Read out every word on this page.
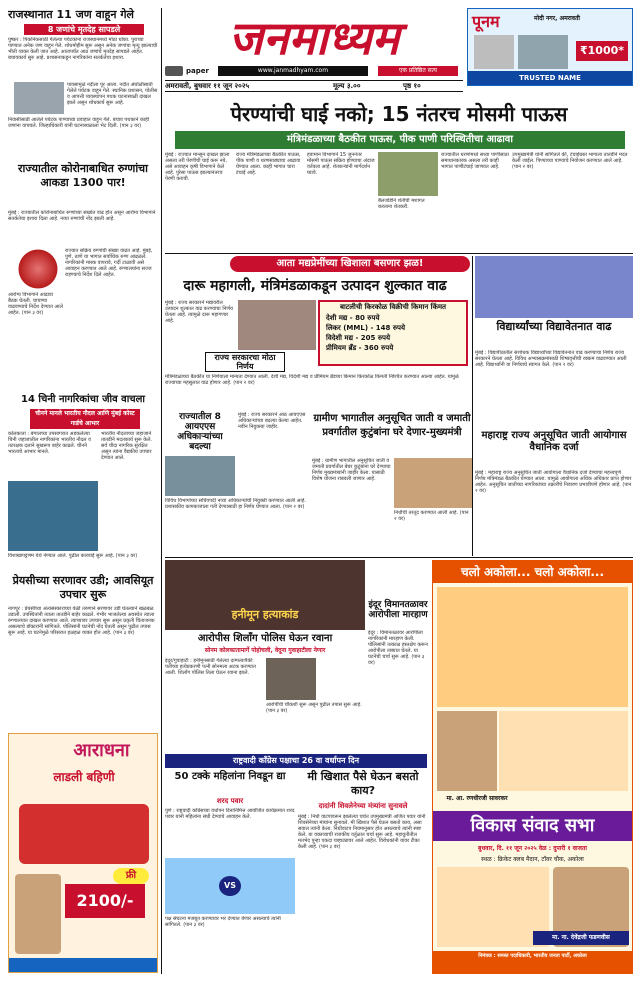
राजस्थानात 11 जण वाहून गेले
8 जणांचे मृतदेह सापडले
पुष्कर : पिकनिकसाठी गेलेल्या पर्यटकांना राजस्थानमध्ये मोठा धोका. पुराच्या पाण्यात अनेक जण वाहून गेले. शोधमोहीम सुरू असून अनेक जणांचा मृत्यू झाल्याची भीती व्यक्त केली जात आहे. आतापर्यंत आठ जणांचे मृतदेह सापडले आहेत. बचावकार्य सुरु आहे. प्रशासनाकडून नागरिकांना सतर्कतेचा इशारा.
पावसामुळे नदीला पूर आला. नदीत अंघोळीसाठी गेलेले पर्यटक वाहून गेले. स्थानिक प्रशासन, पोलीस व आपत्ती व्यवस्थापन पथक घटनास्थळी दाखल झाले असून शोधकार्य सुरू आहे.
निवासीसाठी आलेले पर्यटक पाण्याच्या प्रवाहात वाहून गेले. बचाव पथकाने काही जणांना वाचवले. जिल्हाधिकारी यांनी घटनास्थळाला भेट दिली. (पान ३ वर)
राज्यातील कोरोनाबाधित रुग्णांचा आकडा 1300 पार!
मुंबई : राज्यातील कोरोनाबाधित रुग्णांच्या संख्येत वाढ होत असून आरोग्य विभागाने सतर्कतेचा इशारा दिला आहे. नव्या रुग्णांची नोंद झाली आहे.
राज्यात सक्रिय रुग्णांची संख्या वाढत आहे. मुंबई, पुणे, ठाणे या भागात सर्वाधिक रुग्ण आढळले. नागरिकांनी मास्क वापरावे, गर्दी टाळावी असे आवाहन करण्यात आले आहे. रुग्णालयांना सज्ज राहण्याचे निर्देश दिले आहेत.
आरोग्य विभागाने आढावा बैठक घेतली. चाचण्या वाढवण्याचे निर्देश देण्यात आले आहेत. (पान ३ वर)
14 चिनी नागरिकांचा जीव वाचला
चीनने मानले भारतीय नौदल आणि मुंबई कोस्ट गार्डचे आभार
कोलकाता : बंगालच्या उपसागरात अडकलेल्या चिनी जहाजातील नागरिकांना भारतीय नौदल व तटरक्षक दलाने सुखरूप बाहेर काढले. चीनने भारताचे आभार मानले.
भारतीय नौदलाच्या जहाजाने तातडीने मदतकार्य सुरू केले. सर्व चौदा नागरिक सुरक्षित असून त्यांना वैद्यकीय उपचार देण्यात आले.
विशाखापट्टणम येथे नेण्यात आले. पुढील कारवाई सुरू आहे. (पान ३ वर)
प्रेयसीच्या सरणावर उडी; आवसियूत उपचार सुरू
नागपूर : प्रेयसीच्या अंत्यसंस्काराच्या वेळी तरुणाने सरणावर उडी घेतल्याने खळबळ उडाली. उपस्थितांनी त्याला तातडीने बाहेर काढले. गंभीर भाजलेल्या अवस्थेत त्याला रुग्णालयात दाखल करण्यात आले. त्याच्यावर उपचार सुरू असून प्रकृती चिंताजनक असल्याचे डॉक्टरांनी सांगितले. पोलिसांनी घटनेची नोंद घेतली असून पुढील तपास सुरू आहे. या घटनेमुळे परिसरात हळहळ व्यक्त होत आहे. (पान ३ वर)
आराधना
लाडली बहिणी
2100/-
फ्री
जनमाध्यम
paper	www.janmadhyam.com	एक प्रतिष्ठित सत्य
पूनम	मोदी नगर, अमरावती
₹1000*
TRUSTED NAME
अमरावती, बुधवार ११ जून २०२५	मूल्य ३.००	पृष्ठ १०
पेरण्यांची घाई नको; 15 नंतरच मोसमी पाऊस
मंत्रिमंडळाच्या बैठकीत पाऊस, पीक पाणी परिस्थितीचा आढावा
मुंबई : राज्यात मान्सून दाखल झाला असला तरी पेरणीची घाई करू नये, असे आवाहन कृषी विभागाने केले आहे. पुरेसा पाऊस झाल्यानंतरच पेरणी करावी.
राज्य मंत्रिमंडळाच्या बैठकीत पाऊस, पीक पाणी व धरणसाठ्याचा आढावा घेण्यात आला. काही भागात चारा टंचाई आहे.
हवामान विभागाने 15 जूननंतर मोसमी पाऊस सक्रिय होण्याचा अंदाज वर्तवला आहे. शेतकऱ्यांनी मार्गदर्शन घ्यावे.
बैलजोडीने शेतीची मशागत करताना शेतकरी.
राज्यातील धरणांमध्ये सध्या पाणीसाठा समाधानकारक असला तरी काही भागात पाणीटंचाई जाणवत आहे.
उपमुख्यमंत्री यांनी सांगितले की, टंचाईग्रस्त भागाला तातडीने मदत केली जाईल. पिण्याच्या पाण्याचे नियोजन करण्यात आले आहे. (पान २ वर)
आता मद्यप्रेमींच्या खिशाला बसणार झळ!
दारू महागली, मंत्रिमंडळाकडून उत्पादन शुल्कात वाढ
मुंबई : राज्य सरकारने मद्यावरील उत्पादन शुल्कात वाढ करण्याचा निर्णय घेतला आहे. त्यामुळे दारू महागणार आहे.
बाटलीची किरकोळ विक्रीची किमान किंमत
देशी मद्य - 80 रुपये
लिकर (MML) - 148 रुपये
विदेशी मद्य - 205 रुपये
प्रीमियम ब्रँड - 360 रुपये
राज्य सरकारचा मोठा निर्णय
मंत्रिमंडळाच्या बैठकीत या निर्णयाला मान्यता देण्यात आली. देशी मद्य, विदेशी मद्य व प्रीमियम ब्रँडच्या किमान किरकोळ किमती निश्चित करण्यात आल्या आहेत. यामुळे राज्याच्या महसुलात वाढ होणार आहे. (पान २ वर)
राज्यातील 8 आयएएस अधिकाऱ्यांच्या बदल्या
मुंबई : राज्य सरकारने आठ आयएएस अधिकाऱ्यांच्या बदल्या केल्या आहेत. नवीन नियुक्त्या जाहीर.
विविध विभागांच्या सचिवपदी नव्या अधिकाऱ्यांची नियुक्ती करण्यात आली आहे. प्रशासकीय कामकाजाला गती देण्यासाठी हा निर्णय घेण्यात आला. (पान २ वर)
ग्रामीण भागातील अनुसूचित जाती व जमाती प्रवर्गातील कुटुंबांना घरे देणार-मुख्यमंत्री
मुंबई : ग्रामीण भागातील अनुसूचित जाती व जमाती प्रवर्गातील बेघर कुटुंबांना घरे देण्याचा निर्णय मुख्यमंत्र्यांनी जाहीर केला. यासाठी विशेष योजना राबवली जाणार आहे.
निधीची तरतूद करण्यात आली आहे. (पान २ वर)
विद्यार्थ्यांच्या विद्यावेतनात वाढ
मुंबई : विद्यापीठातील संशोधक विद्यार्थ्यांच्या विद्यावेतनात वाढ करण्याचा निर्णय राज्य सरकारने घेतला आहे. विविध अभ्यासक्रमांसाठी शिष्यवृत्तीची रक्कम वाढवण्यात आली आहे. विद्यार्थ्यांनी या निर्णयाचे स्वागत केले. (पान २ वर)
महाराष्ट्र राज्य अनुसूचित जाती आयोगास वैधानिक दर्जा
मुंबई : महाराष्ट्र राज्य अनुसूचित जाती आयोगाला वैधानिक दर्जा देण्याचा महत्त्वपूर्ण निर्णय मंत्रिमंडळ बैठकीत घेण्यात आला. यामुळे आयोगाला अधिक अधिकार प्राप्त होणार आहेत. अनुसूचित जातीच्या नागरिकांच्या तक्रारींचे निवारण प्रभावीपणे होणार आहे. (पान २ वर)
हनीमून हत्याकांड
आरोपीस शिलॉंग पोलिस घेऊन रवाना
सोनम कोलकातामार्गे पोहोचली, वेदूना गुवाहाटीला नेणार
इंदूर/गुवाहाटी : हनीमूनसाठी गेलेल्या दाम्पत्यापैकी पतीच्या हत्येप्रकरणी पत्नी सोनमला अटक करण्यात आली. शिलॉंग पोलिस तिला घेऊन रवाना झाले.
आरोपींची चौकशी सुरू असून पुढील तपास सुरू आहे. (पान ३ वर)
इंदूर विमानतळावर आरोपीला मारहाण
इंदूर : विमानतळावर आरोपीला नागरिकांनी मारहाण केली. पोलिसांनी तत्काळ हस्तक्षेप करून आरोपीला ताब्यात घेतले. या घटनेची चर्चा सुरू आहे. (पान ३ वर)
राष्ट्रवादी काँग्रेस पक्षाचा 26 वा वर्धापन दिन
50 टक्के महिलांना निवडून द्या
शरद पवार
पुणे : राष्ट्रवादी काँग्रेसच्या वर्धापन दिनानिमित्त आयोजित कार्यक्रमात शरद पवार यांनी महिलांना संधी देण्याचे आवाहन केले.
VS
पक्ष संघटना मजबूत करण्यावर भर देण्यात येणार असल्याचे त्यांनी सांगितले. (पान ३ वर)
मी खिशात पैसे घेऊन बसतो काय?
दादांनी शिवलेनेच्या मंत्र्यांना सुनावले
मुंबई : निधी वाटपावरून झालेल्या चर्चेत उपमुख्यमंत्री अजित पवार यांनी शिवसेनेच्या मंत्र्यांना सुनावले. मी खिशात पैसे घेऊन बसतो काय, असा सवाल त्यांनी केला. निधीवाटप नियमानुसार होत असल्याचे त्यांनी स्पष्ट केले. या वक्तव्याची राजकीय वर्तुळात चर्चा सुरू आहे. महायुतीतील मतभेद पुन्हा एकदा चव्हाट्यावर आले आहेत. विरोधकांनी यावर टीका केली आहे. (पान ३ वर)
चलो अकोला... चलो अकोला...
मा. आ. रणधीरजी सावरकर
विकास संवाद सभा
बुधवार, दि. ११ जून २०२५ वेळ : दुपारी १ वाजता
स्थळ : क्रिकेट क्लब मैदान, टॉवर चौक, अकोला
मा. ना. देवेंद्रजी फडणवीस
निमंत्रक : समस्त पदाधिकारी, भारतीय जनता पार्टी, अकोला
